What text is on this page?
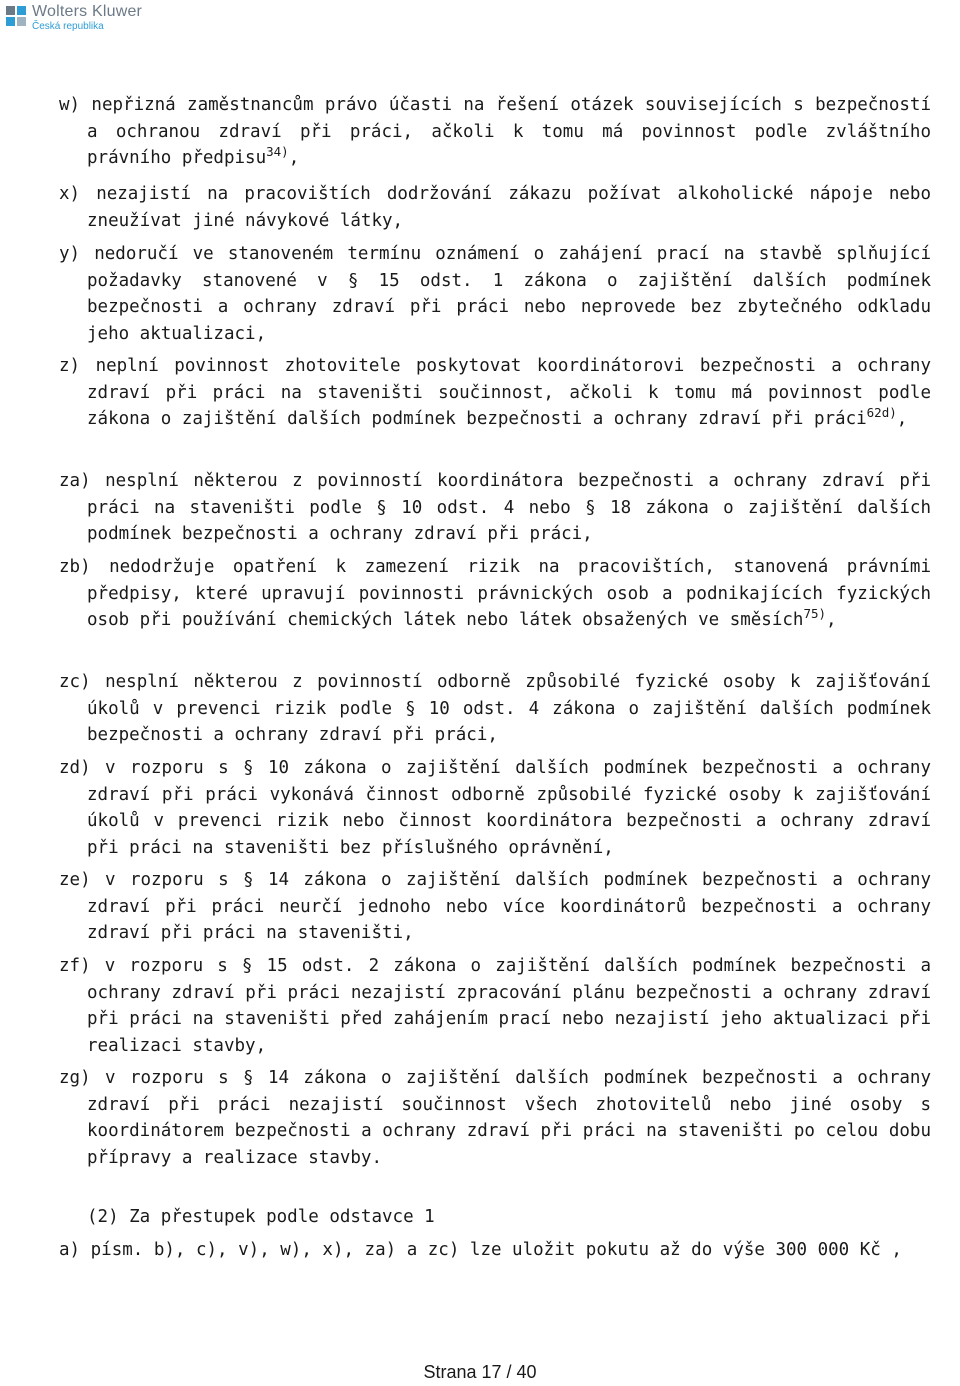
Wolters Kluwer
Česká republika
w) nepřizná zaměstnancům právo účasti na řešení otázek souvisejících s bezpečností a ochranou zdraví při práci, ačkoli k tomu má povinnost podle zvláštního právního předpisu$^{34)}$,
x) nezajistí na pracovištích dodržování zákazu požívat alkoholické nápoje nebo zneužívat jiné návykové látky,
y) nedoručí ve stanoveném termínu oznámení o zahájení prací na stavbě splňující požadavky stanovené v § 15 odst. 1 zákona o zajištění dalších podmínek bezpečnosti a ochrany zdraví při práci nebo neprovede bez zbytečného odkladu jeho aktualizaci,
z) neplní povinnost zhotovitele poskytovat koordinátorovi bezpečnosti a ochrany zdraví při práci na staveništi součinnost, ačkoli k tomu má povinnost podle zákona o zajištění dalších podmínek bezpečnosti a ochrany zdraví při práci$^{62d)}$,
za) nesplní některou z povinností koordinátora bezpečnosti a ochrany zdraví při práci na staveništi podle § 10 odst. 4 nebo § 18 zákona o zajištění dalších podmínek bezpečnosti a ochrany zdraví při práci,
zb) nedodržuje opatření k zamezení rizik na pracovištích, stanovená právními předpisy, které upravují povinnosti právnických osob a podnikajících fyzických osob při používání chemických látek nebo látek obsažených ve směsích$^{75)}$,
zc) nesplní některou z povinností odborně způsobilé fyzické osoby k zajišťování úkolů v prevenci rizik podle § 10 odst. 4 zákona o zajištění dalších podmínek bezpečnosti a ochrany zdraví při práci,
zd) v rozporu s § 10 zákona o zajištění dalších podmínek bezpečnosti a ochrany zdraví při práci vykonává činnost odborně způsobilé fyzické osoby k zajišťování úkolů v prevenci rizik nebo činnost koordinátora bezpečnosti a ochrany zdraví při práci na staveništi bez příslušného oprávnění,
ze) v rozporu s § 14 zákona o zajištění dalších podmínek bezpečnosti a ochrany zdraví při práci neurčí jednoho nebo více koordinátorů bezpečnosti a ochrany zdraví při práci na staveništi,
zf) v rozporu s § 15 odst. 2 zákona o zajištění dalších podmínek bezpečnosti a ochrany zdraví při práci nezajistí zpracování plánu bezpečnosti a ochrany zdraví při práci na staveništi před zahájením prací nebo nezajistí jeho aktualizaci při realizaci stavby,
zg) v rozporu s § 14 zákona o zajištění dalších podmínek bezpečnosti a ochrany zdraví při práci nezajistí součinnost všech zhotovitelů nebo jiné osoby s koordinátorem bezpečnosti a ochrany zdraví při práci na staveništi po celou dobu přípravy a realizace stavby.
(2) Za přestupek podle odstavce 1
a) písm. b), c), v), w), x), za) a zc) lze uložit pokutu až do výše 300 000 Kč ,
Strana 17 / 40
